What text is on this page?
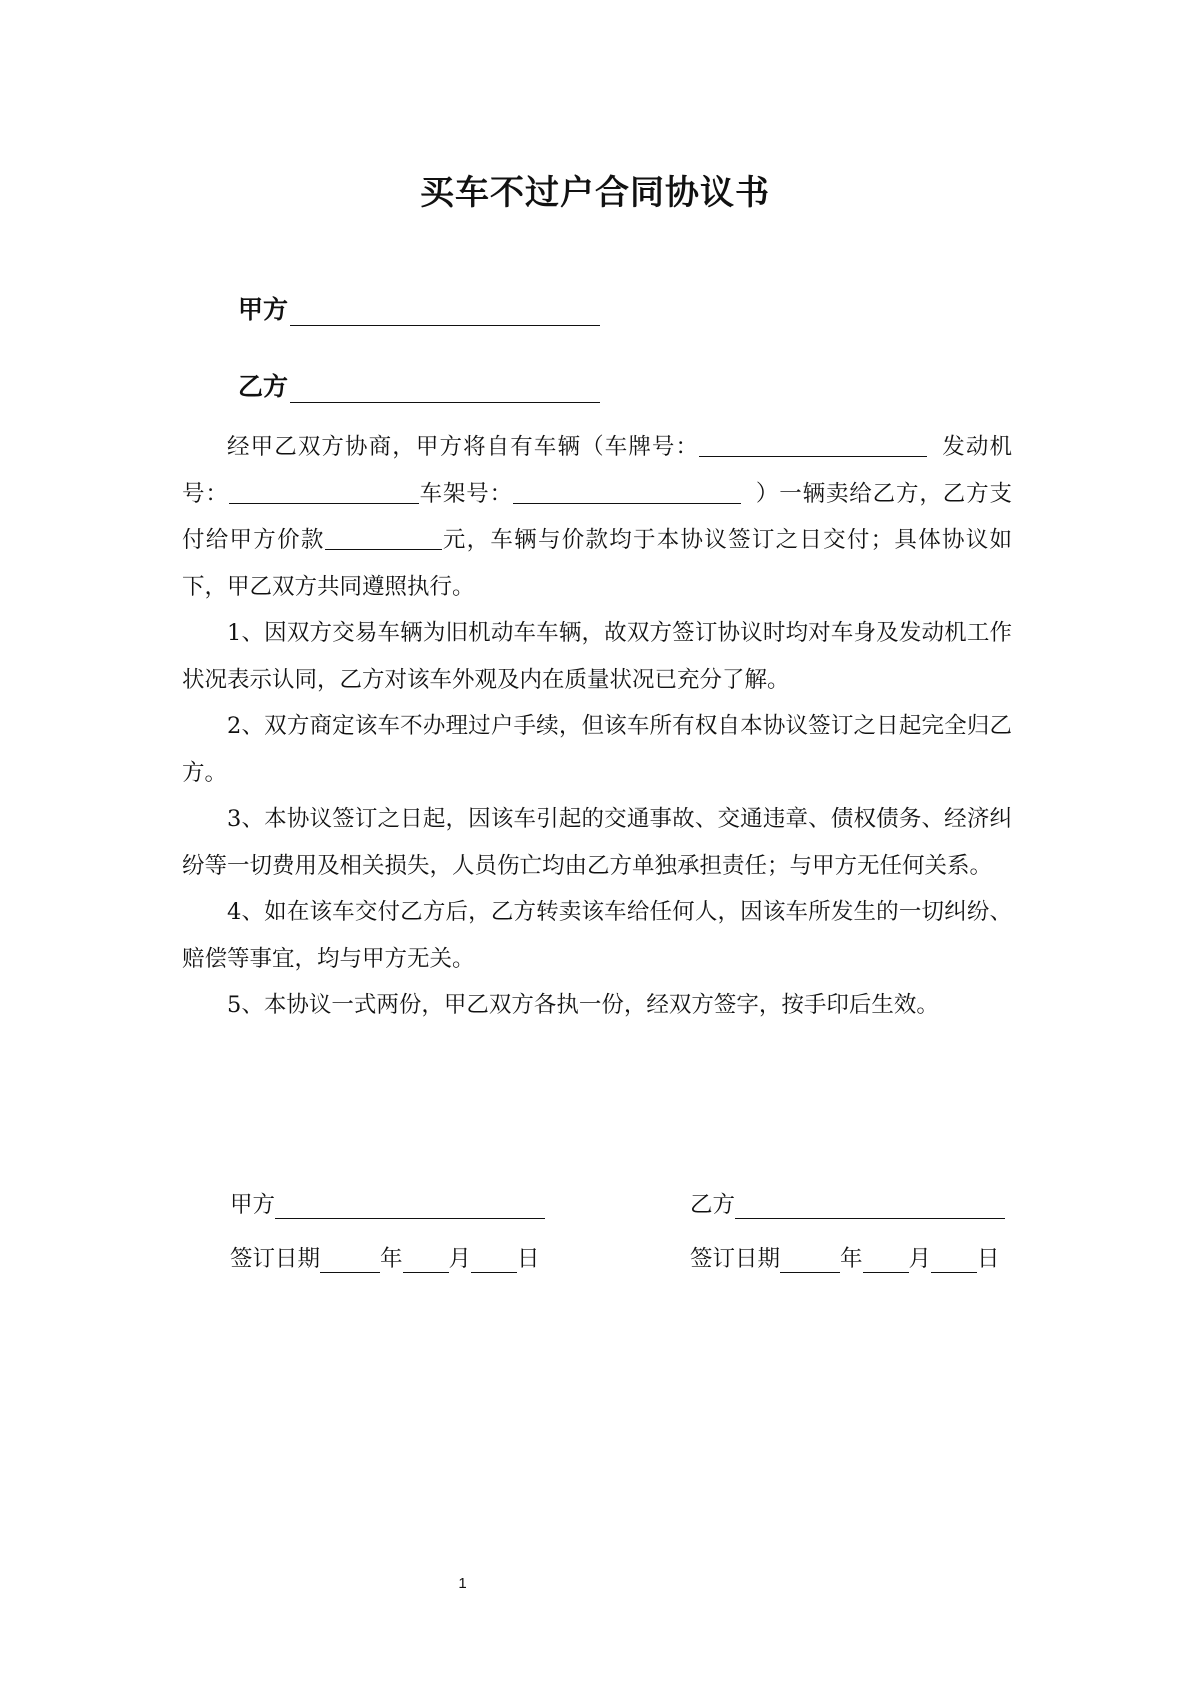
买车不过户合同协议书
甲方
乙方

经甲乙双方协商，甲方将自有车辆（车牌号：	发动机号：	车架号：	）一辆卖给乙方，乙方支付给甲方价款	元，车辆与价款均于本协议签订之日交付；具体协议如下，甲乙双方共同遵照执行。

1、因双方交易车辆为旧机动车车辆，故双方签订协议时均对车身及发动机工作状况表示认同，乙方对该车外观及内在质量状况已充分了解。

2、双方商定该车不办理过户手续，但该车所有权自本协议签订之日起完全归乙方。

3、本协议签订之日起，因该车引起的交通事故、交通违章、债权债务、经济纠纷等一切费用及相关损失，人员伤亡均由乙方单独承担责任；与甲方无任何关系。

4、如在该车交付乙方后，乙方转卖该车给任何人，因该车所发生的一切纠纷、赔偿等事宜，均与甲方无关。

5、本协议一式两份，甲乙双方各执一份，经双方签字，按手印后生效。

甲方	乙方
签订日期	年 月 日	签订日期	年 月 日
1
